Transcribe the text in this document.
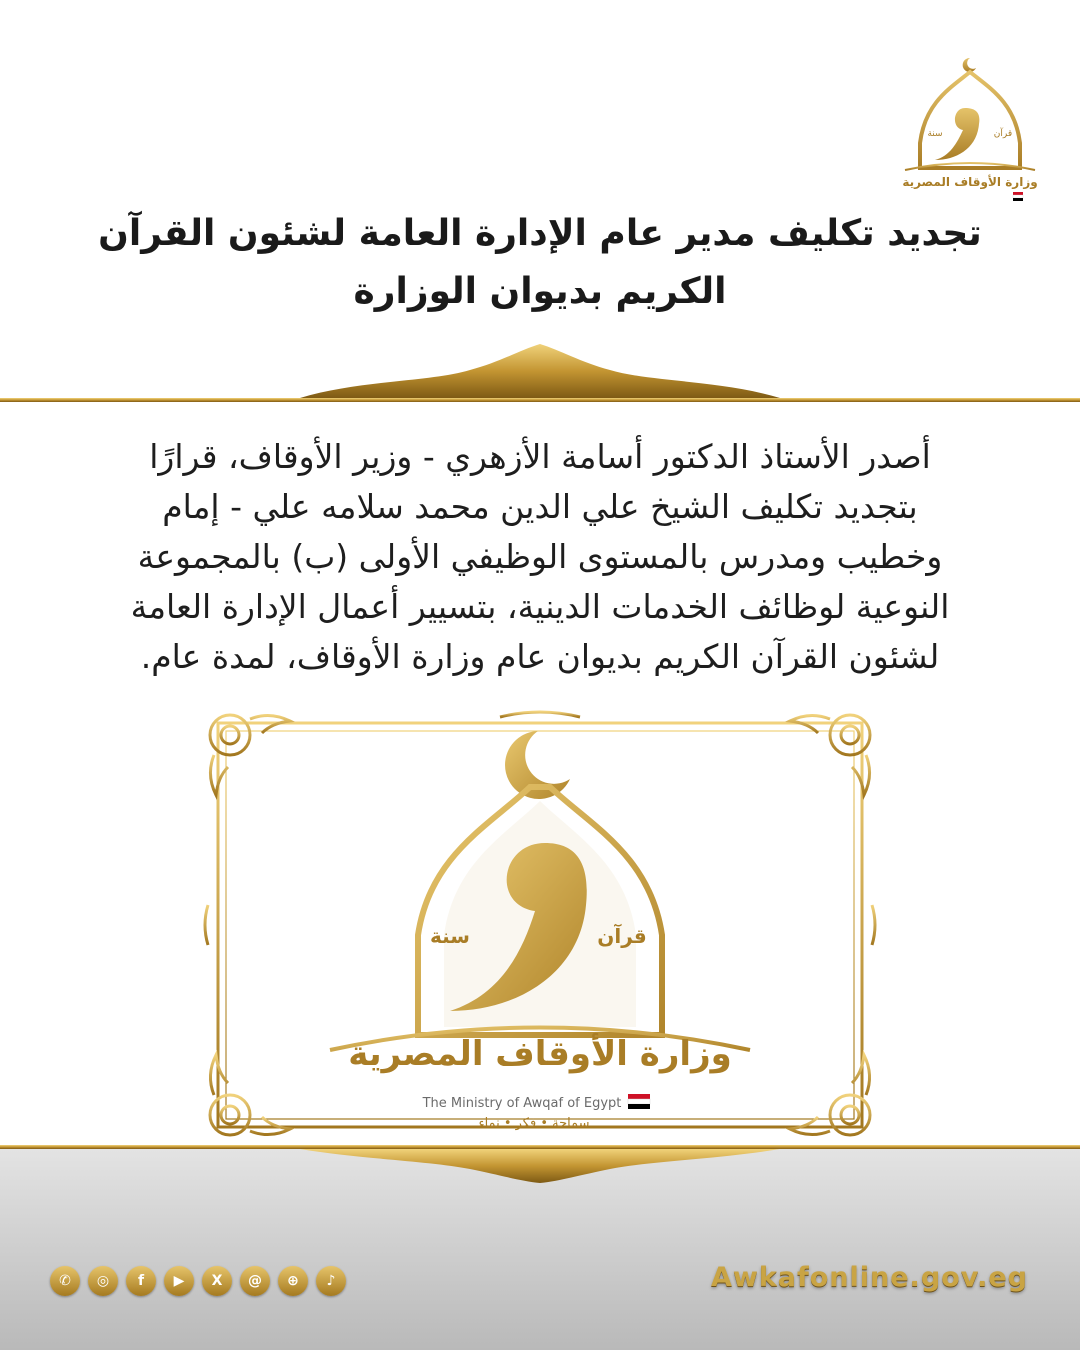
سنة	قرآن
وزارة الأوقاف المصرية
تجديد تكليف مدير عام الإدارة العامة لشئون القرآن
الكريم بديوان الوزارة
أصدر الأستاذ الدكتور أسامة الأزهري - وزير الأوقاف، قرارًا
بتجديد تكليف الشيخ علي الدين محمد سلامه علي - إمام
وخطيب ومدرس بالمستوى الوظيفي الأولى (ب) بالمجموعة
النوعية لوظائف الخدمات الدينية، بتسيير أعمال الإدارة العامة
لشئون القرآن الكريم بديوان عام وزارة الأوقاف، لمدة عام.
سنة	قرآن
وزارة الأوقاف المصرية
The Ministry of Awqaf of Egypt
سماحة • فكر • نماء
✆	◎	f	▶	X	@	⊕	♪	Awkafonline.gov.eg
